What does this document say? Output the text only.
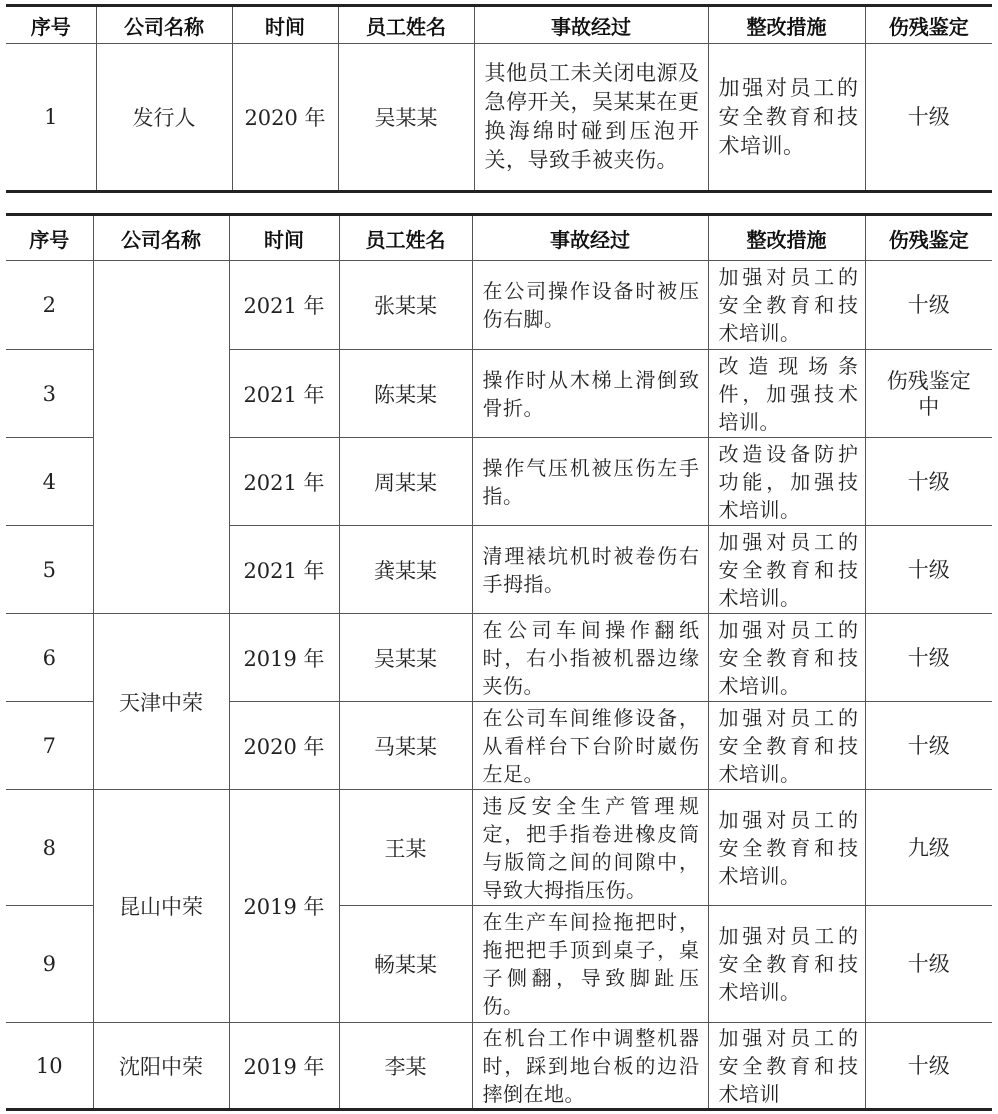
序号	公司名称	时间	员工姓名	事故经过	整改措施	伤残鉴定
1	发行人	2020 年	吴某某	其他员工未关闭电源及急停开关，吴某某在更换海绵时碰到压泡开关，导致手被夹伤。	加强对员工的安全教育和技术培训。	十级
序号	公司名称	时间	员工姓名	事故经过	整改措施	伤残鉴定
2		2021 年	张某某	在公司操作设备时被压伤右脚。	加强对员工的安全教育和技术培训。	十级
3		2021 年	陈某某	操作时从木梯上滑倒致骨折。	改造现场条件，加强技术培训。	伤残鉴定中
4		2021 年	周某某	操作气压机被压伤左手指。	改造设备防护功能，加强技术培训。	十级
5		2021 年	龚某某	清理裱坑机时被卷伤右手拇指。	加强对员工的安全教育和技术培训。	十级
6	天津中荣	2019 年	吴某某	在公司车间操作翻纸时，右小指被机器边缘夹伤。	加强对员工的安全教育和技术培训。	十级
7		2020 年	马某某	在公司车间维修设备，从看样台下台阶时崴伤左足。	加强对员工的安全教育和技术培训。	十级
8	昆山中荣	2019 年	王某	违反安全生产管理规定，把手指卷进橡皮筒与版筒之间的间隙中，导致大拇指压伤。	加强对员工的安全教育和技术培训。	九级
9			畅某某	在生产车间捡拖把时，拖把把手顶到桌子，桌子侧翻，导致脚趾压伤。	加强对员工的安全教育和技术培训。	十级
10	沈阳中荣	2019 年	李某	在机台工作中调整机器时，踩到地台板的边沿摔倒在地。	加强对员工的安全教育和技术培训	十级
